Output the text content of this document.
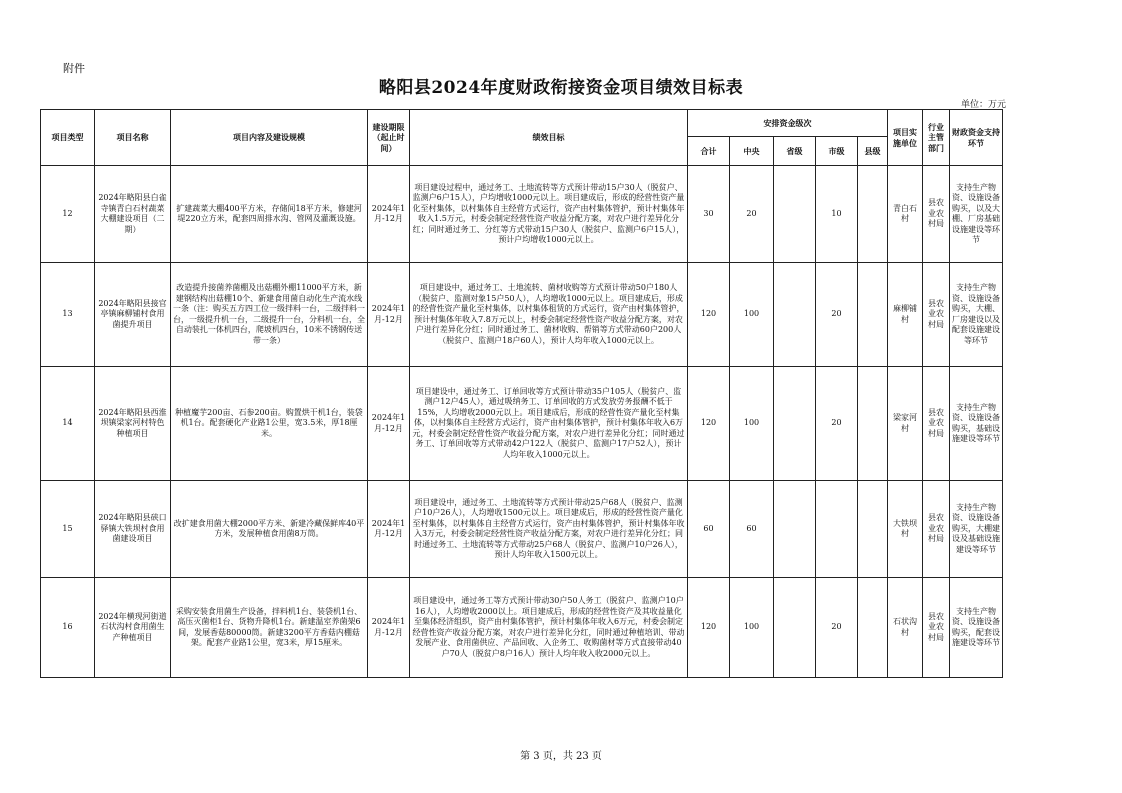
附件
略阳县2024年度财政衔接资金项目绩效目标表
单位：万元
项目类型	项目名称	项目内容及建设规模	建设期限（起止时间）	绩效目标	安排资金级次					项目实施单位	行业主管部门	财政资金支持环节
					合计	中央	省级	市级	县级			
12	2024年略阳县白雀寺镇青白石村蔬菜大棚建设项目（二期）	扩建蔬菜大棚400平方米，存储间18平方米，修建河堤220立方米，配套四周排水沟、管网及灌溉设施。	2024年1月-12月	项目建设过程中，通过务工、土地流转等方式预计带动15户30人（脱贫户、监测户6户15人），户均增收1000元以上。项目建成后，形成的经营性资产量化至村集体，以村集体自主经营方式运行，资产由村集体管护，预计村集体年收入1.5万元，村委会制定经营性资产收益分配方案，对农户进行差异化分红；同时通过务工、分红等方式带动15户30人（脱贫户、监测户6户15人），预计户均增收1000元以上。	30	20		10		青白石村	县农业农村局	支持生产物资、设施设备购买，以及大棚、厂房基础设施建设等环节
13	2024年略阳县接官亭镇麻柳铺村食用菌提升项目	改造提升接菌养菌棚及出菇棚外棚11000平方米，新建钢结构出菇棚10个、新建食用菌自动化生产流水线一条（注：购买五方四工位一级拌料一台，二级拌料一台，一级提升机一台，二级提升一台，分料机一台，全自动装扎一体机四台，爬坡机四台，10米不锈钢传送带一条）	2024年1月-12月	项目建设中，通过务工、土地流转、菌材收购等方式预计带动50户180人（脱贫户、监测对象15户50人），人均增收1000元以上。项目建成后，形成的经营性资产量化至村集体，以村集体租赁的方式运行，资产由村集体管护，预计村集体年收入7.8万元以上，村委会制定经营性资产收益分配方案，对农户进行差异化分红；同时通过务工、菌材收购、帮销等方式带动60户200人（脱贫户、监测户18户60人），预计人均年收入1000元以上。	120	100		20		麻柳铺村	县农业农村局	支持生产物资、设施设备购买，大棚、厂房建设以及配套设施建设等环节
14	2024年略阳县西淮坝镇梁家河村特色种植项目	种植魔芋200亩、石参200亩。购置烘干机1台，装袋机1台。配套硬化产业路1公里，宽3.5米，厚18厘米。	2024年1月-12月	项目建设中，通过务工、订单回收等方式预计带动35户105人（脱贫户、监测户12户45人），通过吸纳务工、订单回收的方式发放劳务报酬不低于15%，人均增收2000元以上。项目建成后，形成的经营性资产量化至村集体，以村集体自主经营方式运行，资产由村集体管护，预计村集体年收入6万元，村委会制定经营性资产收益分配方案，对农户进行差异化分红；同时通过务工、订单回收等方式带动42户122人（脱贫户、监测户17户52人），预计人均年收入1000元以上。	120	100		20		梁家河村	县农业农村局	支持生产物资、设施设备购买，基础设施建设等环节
15	2024年略阳县硖口驿镇大铁坝村食用菌建设项目	改扩建食用菌大棚2000平方米、新建冷藏保鲜库40平方米，发展种植食用菌8万筒。	2024年1月-12月	项目建设中，通过务工、土地流转等方式预计带动25户68人（脱贫户、监测户10户26人），人均增收1500元以上。项目建成后，形成的经营性资产量化至村集体，以村集体自主经营方式运行，资产由村集体管护，预计村集体年收入3万元，村委会制定经营性资产收益分配方案，对农户进行差异化分红；同时通过务工、土地流转等方式带动25户68人（脱贫户、监测户10户26人），预计人均年收入1500元以上。	60	60				大铁坝村	县农业农村局	支持生产物资、设施设备购买，大棚建设及基础设施建设等环节
16	2024年横现河街道石状沟村食用菌生产种植项目	采购安装食用菌生产设备，拌料机1台、装袋机1台、高压灭菌柜1台、货物升降机1台。新建温室养菌架6间，发展香菇80000筒。新建3200平方香菇内棚菇架。配套产业路1公里，宽3米，厚15厘米。	2024年1月-12月	项目建设中，通过务工等方式预计带动30户50人务工（脱贫户、监测户10户16人），人均增收2000以上。项目建成后，形成的经营性资产及其收益量化至集体经济组织，资产由村集体管护，预计村集体年收入6万元，村委会制定经营性资产收益分配方案，对农户进行差异化分红，同时通过种植培训、带动发展产业、食用菌供应、产品回收、入企务工、收购菌材等方式直接带动40户70人（脱贫户8户16人）预计人均年收入收2000元以上。	120	100		20		石状沟村	县农业农村局	支持生产物资、设施设备购买，配套设施建设等环节
第 3 页，共 23 页
